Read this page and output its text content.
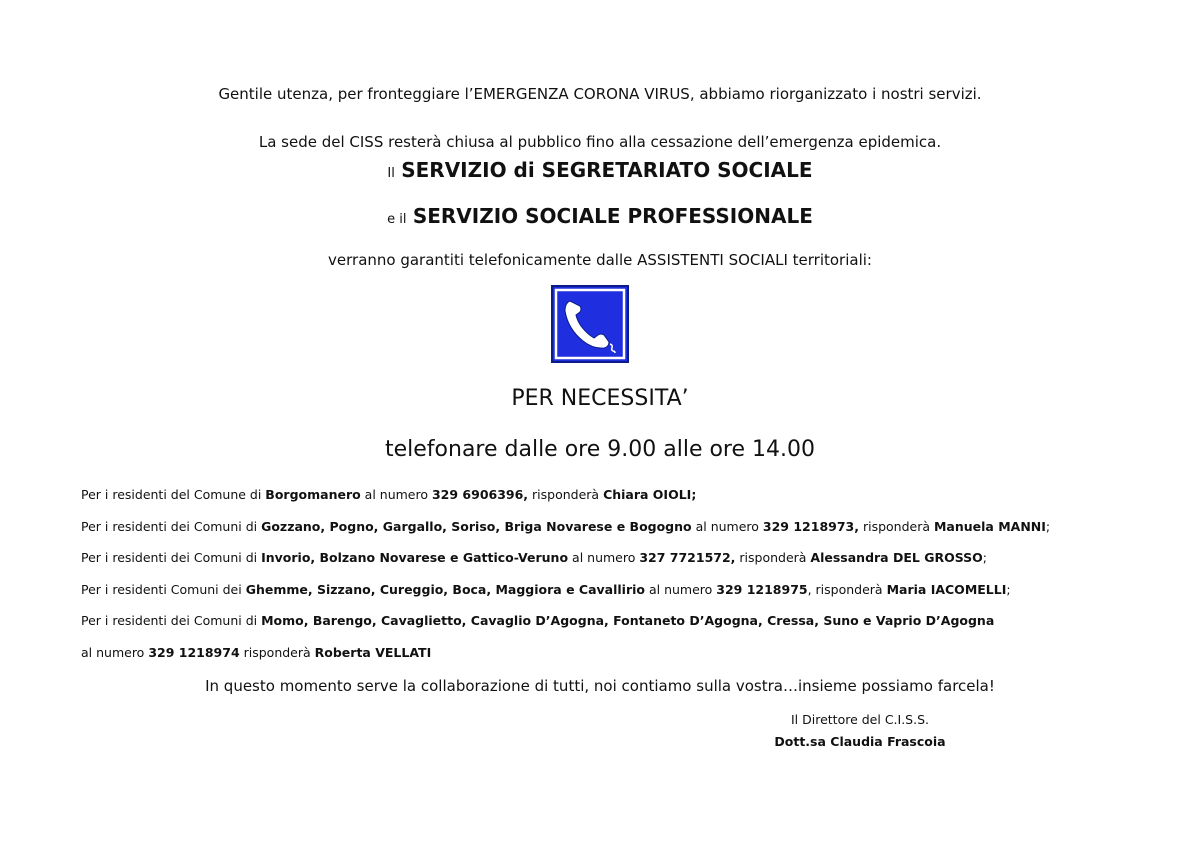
Gentile utenza, per fronteggiare l’EMERGENZA CORONA VIRUS, abbiamo riorganizzato i nostri servizi.
La sede del CISS resterà chiusa al pubblico fino alla cessazione dell’emergenza epidemica.
Il SERVIZIO di SEGRETARIATO SOCIALE
e il SERVIZIO SOCIALE PROFESSIONALE
verranno garantiti telefonicamente dalle ASSISTENTI SOCIALI territoriali:
PER NECESSITA’
telefonare dalle ore 9.00 alle ore 14.00
Per i residenti del Comune di Borgomanero al numero 329 6906396, risponderà Chiara OIOLI;
Per i residenti dei Comuni di Gozzano, Pogno, Gargallo, Soriso, Briga Novarese e Bogogno al numero 329 1218973, risponderà Manuela MANNI;
Per i residenti dei Comuni di Invorio, Bolzano Novarese e Gattico-Veruno al numero 327 7721572, risponderà Alessandra DEL GROSSO;
Per i residenti Comuni dei Ghemme, Sizzano, Cureggio, Boca, Maggiora e Cavallirio al numero 329 1218975, risponderà Maria IACOMELLI;
Per i residenti dei Comuni di Momo, Barengo, Cavaglietto, Cavaglio D’Agogna, Fontaneto D’Agogna, Cressa, Suno e Vaprio D’Agogna
al numero 329 1218974 risponderà Roberta VELLATI
In questo momento serve la collaborazione di tutti, noi contiamo sulla vostra…insieme possiamo farcela!
Il Direttore del C.I.S.S.
Dott.sa Claudia Frascoia
